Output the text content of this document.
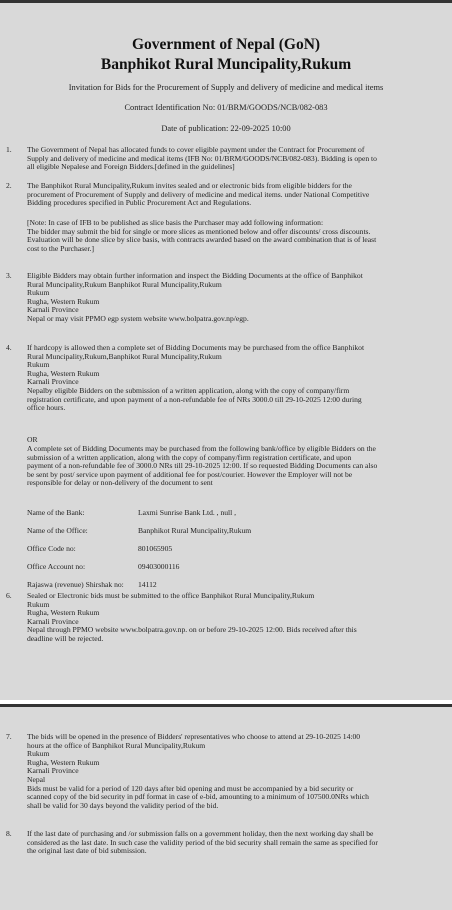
Government of Nepal (GoN)
Banphikot Rural Muncipality,Rukum
Invitation for Bids for the Procurement of Supply and delivery of medicine and medical items
Contract Identification No: 01/BRM/GOODS/NCB/082-083
Date of publication: 22-09-2025 10:00
1.	The Government of Nepal has allocated funds to cover eligible payment under the Contract for Procurement of

Supply and delivery of medicine and medical items (IFB No: 01/BRM/GOODS/NCB/082-083). Bidding is open to

all eligible Nepalese and Foreign Bidders.[defined in the guidelines]

2.	The Banphikot Rural Muncipality,Rukum invites sealed and or electronic bids from eligible bidders for the

procurement of Procurement of Supply and delivery of medicine and medical items. under National Competitive

Bidding procedures specified in Public Procurement Act and Regulations.

[Note: In case of IFB to be published as slice basis the Purchaser may add following information:

The bidder may submit the bid for single or more slices as mentioned below and offer discounts/ cross discounts.

Evaluation will be done slice by slice basis, with contracts awarded based on the award combination that is of least

cost to the Purchaser.]

3.	Eligible Bidders may obtain further information and inspect the Bidding Documents at the office of Banphikot

Rural Muncipality,Rukum Banphikot Rural Muncipality,Rukum

Rukum

Rugha, Western Rukum

Karnali Province

Nepal or may visit PPMO egp system website www.bolpatra.gov.np/egp.

4.	If hardcopy is allowed then a complete set of Bidding Documents may be purchased from the office Banphikot

Rural Muncipality,Rukum,Banphikot Rural Muncipality,Rukum

Rukum

Rugha, Western Rukum

Karnali Province

Nepalby eligible Bidders on the submission of a written application, along with the copy of company/firm

registration certificate, and upon payment of a non-refundable fee of NRs 3000.0 till 29-10-2025 12:00 during

office hours.

OR

A complete set of Bidding Documents may be purchased from the following bank/office by eligible Bidders on the

submission of a written application, along with the copy of company/firm registration certificate, and upon

payment of a non-refundable fee of 3000.0 NRs till 29-10-2025 12:00. If so requested Bidding Documents can also

be sent by post/ service upon payment of additional fee for post/courier. However the Employer will not be

responsible for delay or non-delivery of the document to sent

Name of the Bank:	Laxmi Sunrise Bank Ltd. , null ,
Name of the Office:	Banphikot Rural Muncipality,Rukum
Office Code no:	801065905
Office Account no:	09403000116
Rajaswa (revenue) Shirshak no: 14112
6.	Sealed or Electronic bids must be submitted to the office Banphikot Rural Muncipality,Rukum

Rukum

Rugha, Western Rukum

Karnali Province

Nepal through PPMO website www.bolpatra.gov.np. on or before 29-10-2025 12:00. Bids received after this

deadline will be rejected.

7.	The bids will be opened in the presence of Bidders' representatives who choose to attend at 29-10-2025 14:00

hours at the office of Banphikot Rural Muncipality,Rukum

Rukum

Rugha, Western Rukum

Karnali Province

Nepal

Bids must be valid for a period of 120 days after bid opening and must be accompanied by a bid security or

scanned copy of the bid security in pdf format in case of e-bid, amounting to a minimum of 107500.0NRs which

shall be valid for 30 days beyond the validity period of the bid.

8.	If the last date of purchasing and /or submission falls on a government holiday, then the next working day shall be

considered as the last date. In such case the validity period of the bid security shall remain the same as specified for

the original last date of bid submission.
